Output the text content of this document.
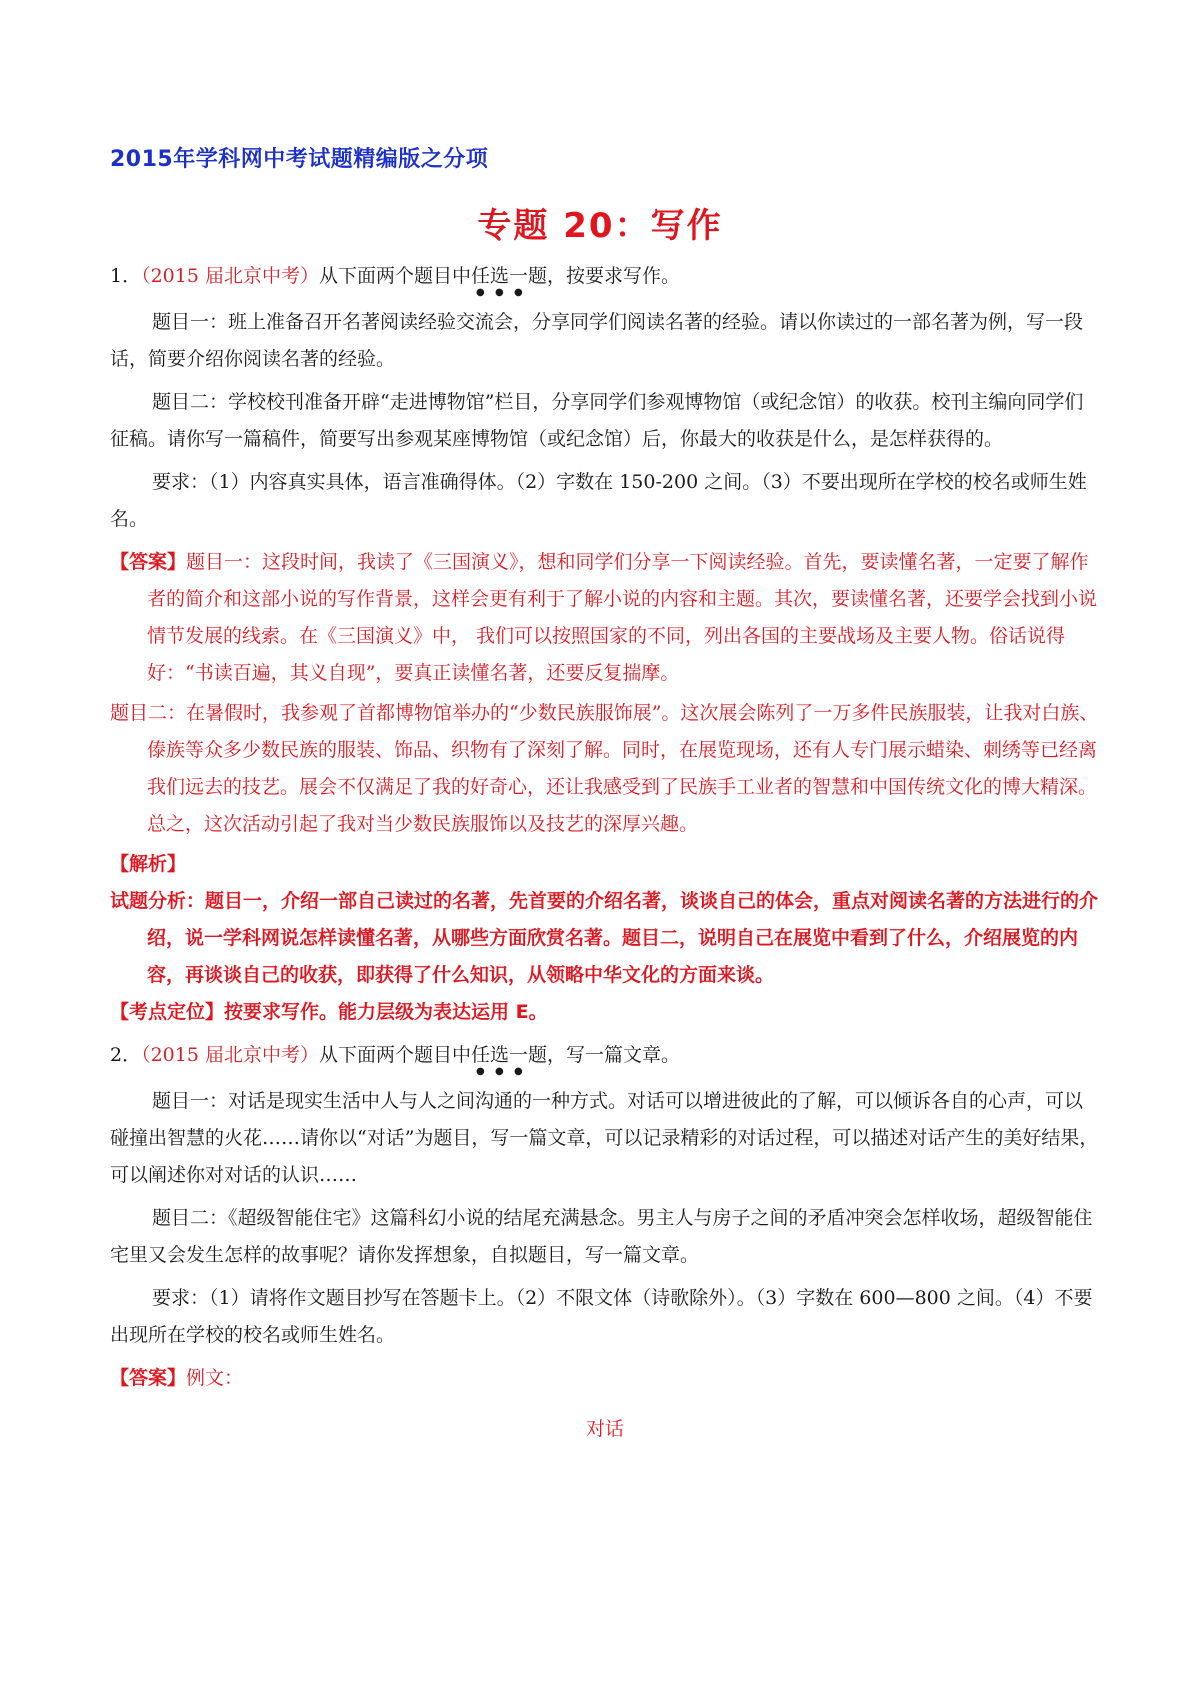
2015年学科网中考试题精编版之分项
专题 20：写作

1．（2015 届北京中考）从下面两个题目中任选一题，按要求写作。

题目一：班上准备召开名著阅读经验交流会，分享同学们阅读名著的经验。请以你读过的一部名著为例，写一段话，简要介绍你阅读名著的经验。

题目二：学校校刊准备开辟“走进博物馆”栏目，分享同学们参观博物馆（或纪念馆）的收获。校刊主编向同学们征稿。请你写一篇稿件，简要写出参观某座博物馆（或纪念馆）后，你最大的收获是什么，是怎样获得的。

要求：（1）内容真实具体，语言准确得体。（2）字数在 150-200 之间。（3）不要出现所在学校的校名或师生姓名。

【答案】题目一：这段时间，我读了《三国演义》，想和同学们分享一下阅读经验。首先，要读懂名著，一定要了解作者的简介和这部小说的写作背景，这样会更有利于了解小说的内容和主题。其次，要读懂名著，还要学会找到小说情节发展的线索。在《三国演义》中， 我们可以按照国家的不同，列出各国的主要战场及主要人物。俗话说得好：“书读百遍，其义自现”，要真正读懂名著，还要反复揣摩。

题目二：在暑假时，我参观了首都博物馆举办的“少数民族服饰展”。这次展会陈列了一万多件民族服装，让我对白族、傣族等众多少数民族的服装、饰品、织物有了深刻了解。同时，在展览现场，还有人专门展示蜡染、刺绣等已经离我们远去的技艺。展会不仅满足了我的好奇心，还让我感受到了民族手工业者的智慧和中国传统文化的博大精深。总之，这次活动引起了我对当少数民族服饰以及技艺的深厚兴趣。

【解析】

试题分析：题目一，介绍一部自己读过的名著，先首要的介绍名著，谈谈自己的体会，重点对阅读名著的方法进行的介绍，说一学科网说怎样读懂名著，从哪些方面欣赏名著。题目二，说明自己在展览中看到了什么，介绍展览的内容，再谈谈自己的收获，即获得了什么知识，从领略中华文化的方面来谈。

【考点定位】按要求写作。能力层级为表达运用 E。

2．（2015 届北京中考）从下面两个题目中任选一题，写一篇文章。

题目一：对话是现实生活中人与人之间沟通的一种方式。对话可以增进彼此的了解，可以倾诉各自的心声，可以碰撞出智慧的火花……请你以“对话”为题目，写一篇文章，可以记录精彩的对话过程，可以描述对话产生的美好结果，可以阐述你对对话的认识……

题目二：《超级智能住宅》这篇科幻小说的结尾充满悬念。男主人与房子之间的矛盾冲突会怎样收场，超级智能住宅里又会发生怎样的故事呢？请你发挥想象，自拟题目，写一篇文章。

要求：（1）请将作文题目抄写在答题卡上。（2）不限文体（诗歌除外）。（3）字数在 600—800 之间。（4）不要出现所在学校的校名或师生姓名。

【答案】例文：

对话
